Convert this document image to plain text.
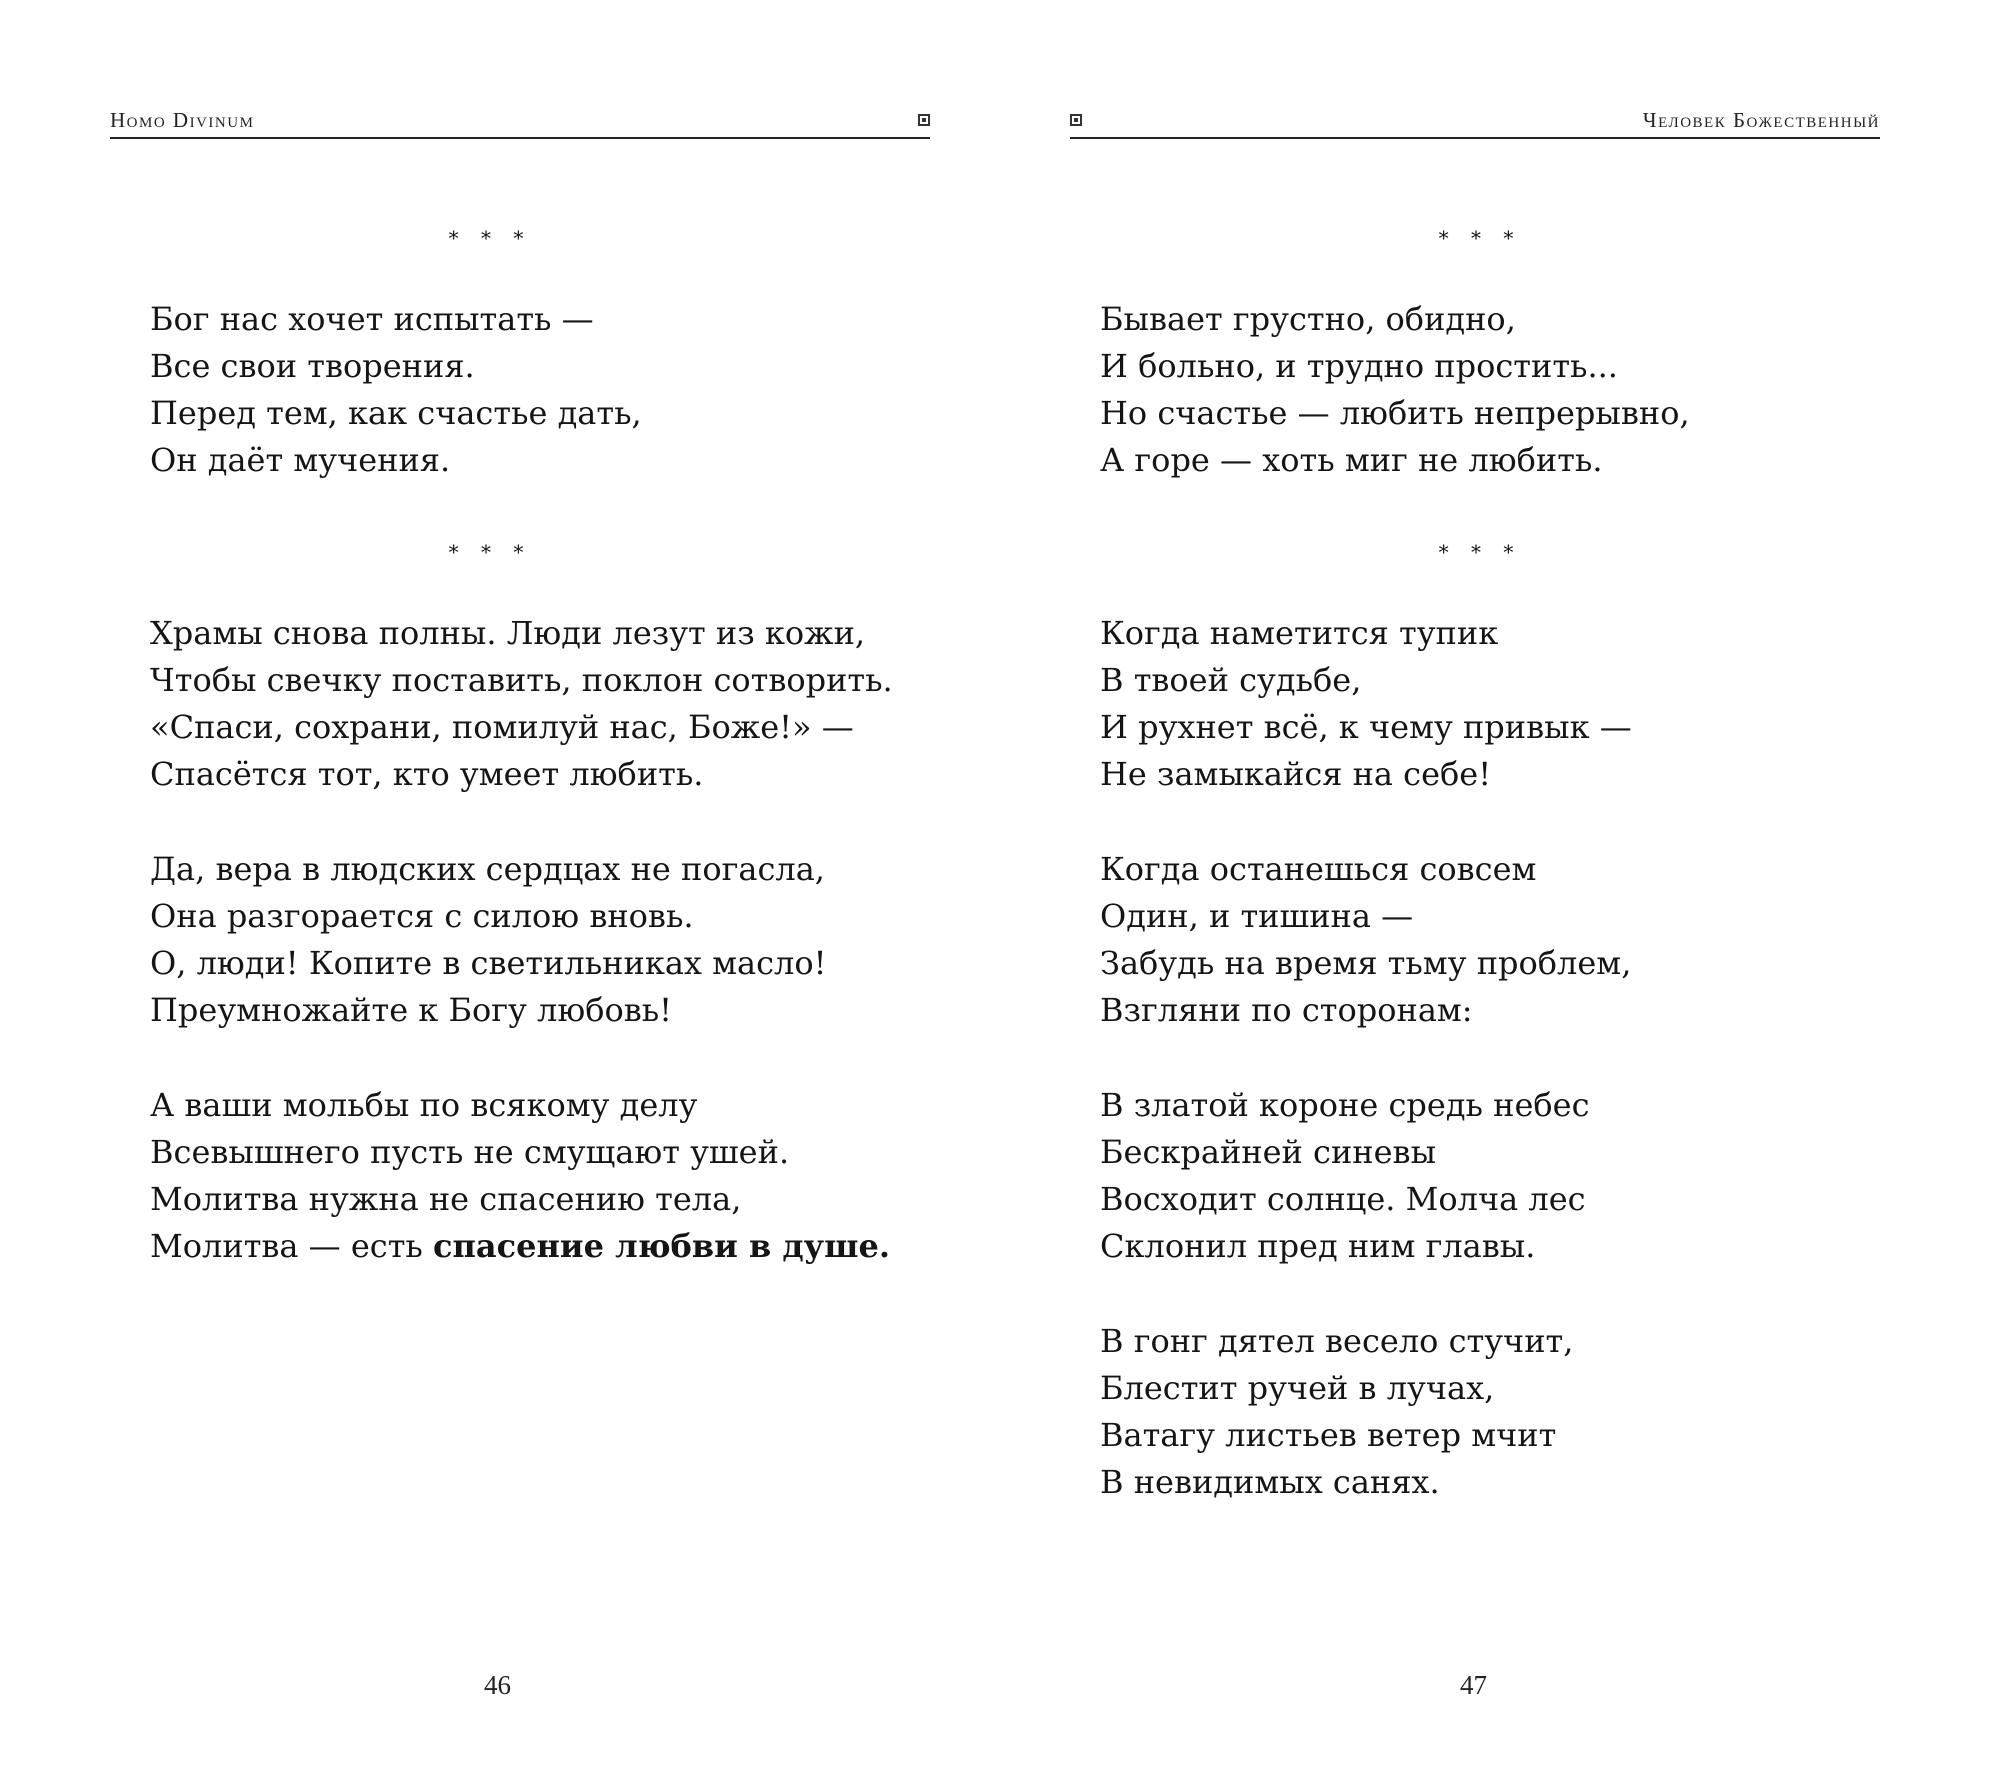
Homo Divinum
* * *
Бог нас хочет испытать —
Все свои творения.
Перед тем, как счастье дать,
Он даёт мучения.
* * *
Храмы снова полны. Люди лезут из кожи,
Чтобы свечку поставить, поклон сотворить.
«Спаси, сохрани, помилуй нас, Боже!» —
Спасётся тот, кто умеет любить.
Да, вера в людских сердцах не погасла,
Она разгорается с силою вновь.
О, люди! Копите в светильниках масло!
Преумножайте к Богу любовь!
А ваши мольбы по всякому делу
Всевышнего пусть не смущают ушей.
Молитва нужна не спасению тела,
Молитва — есть спасение любви в душе.
46
Человек Божественный
* * *
Бывает грустно, обидно,
И больно, и трудно простить...
Но счастье — любить непрерывно,
А горе — хоть миг не любить.
* * *
Когда наметится тупик
В твоей судьбе,
И рухнет всё, к чему привык —
Не замыкайся на себе!
Когда останешься совсем
Один, и тишина —
Забудь на время тьму проблем,
Взгляни по сторонам:
В златой короне средь небес
Бескрайней синевы
Восходит солнце. Молча лес
Склонил пред ним главы.
В гонг дятел весело стучит,
Блестит ручей в лучах,
Ватагу листьев ветер мчит
В невидимых санях.
47
